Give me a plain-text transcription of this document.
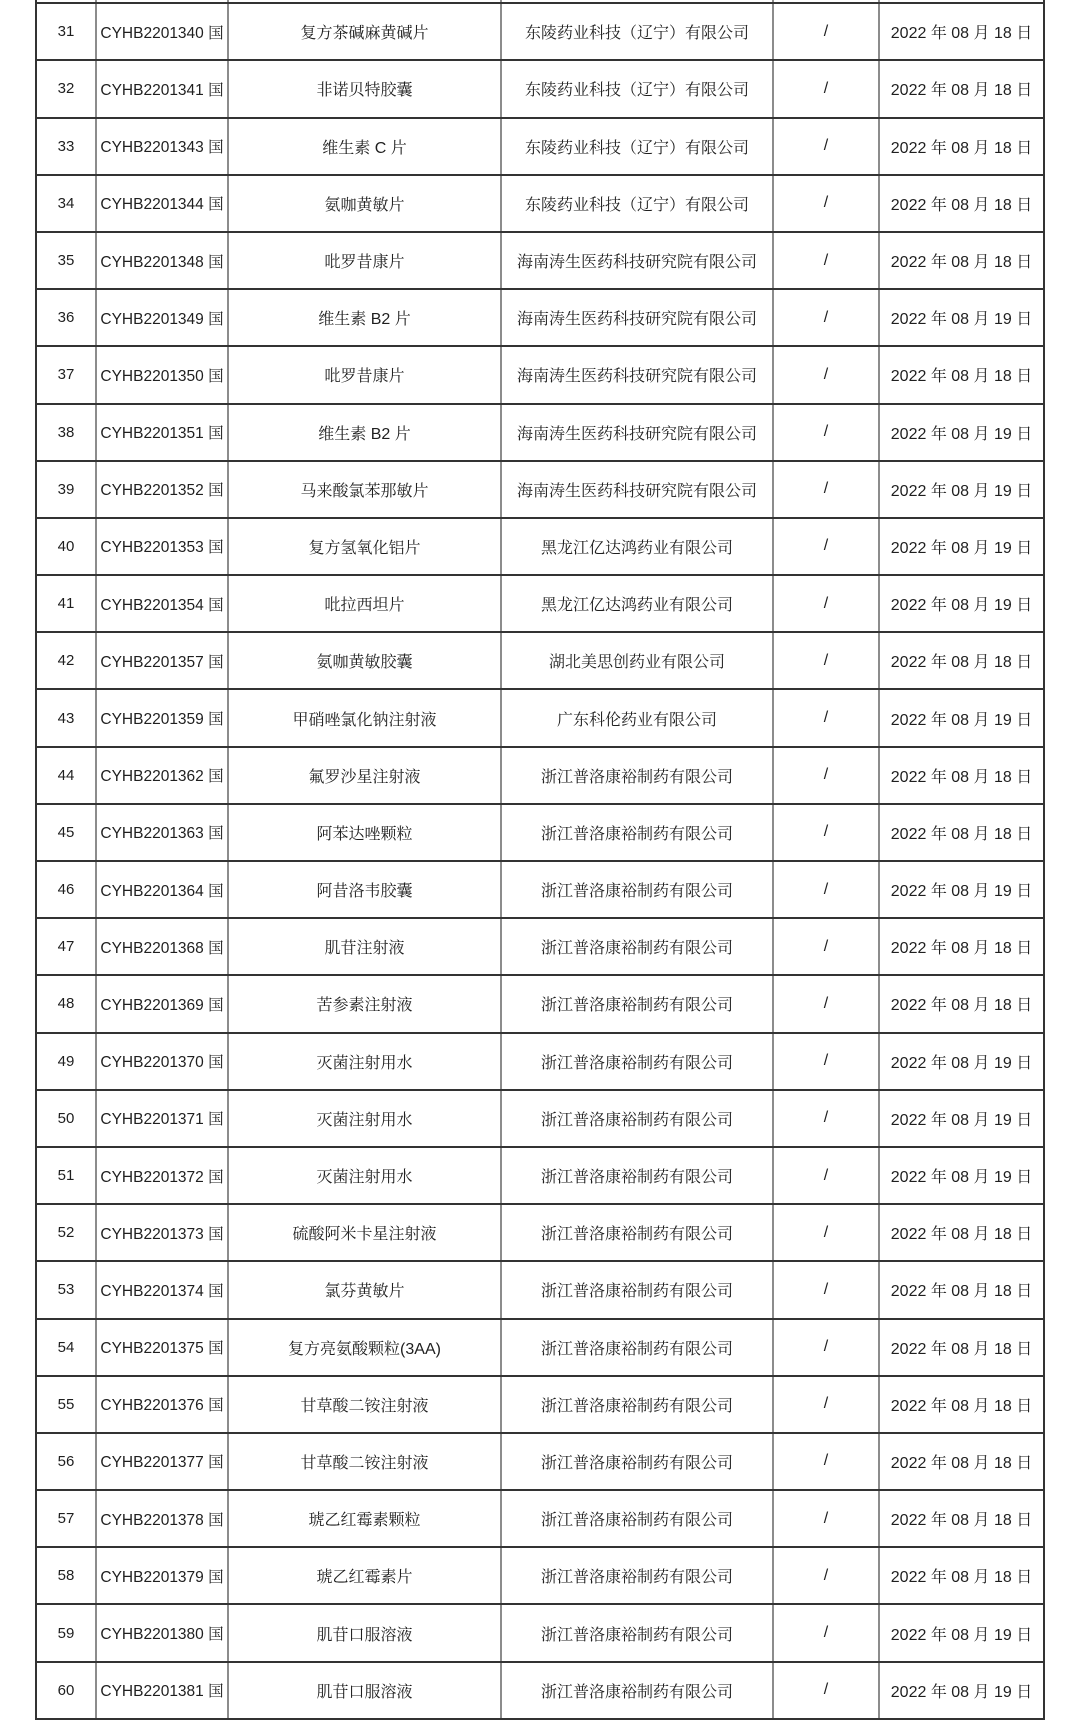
31	CYHB2201340 国	复方茶碱麻黄碱片	东陵药业科技（辽宁）有限公司	/	2022 年 08 月 18 日
32	CYHB2201341 国	非诺贝特胶囊	东陵药业科技（辽宁）有限公司	/	2022 年 08 月 18 日
33	CYHB2201343 国	维生素 C 片	东陵药业科技（辽宁）有限公司	/	2022 年 08 月 18 日
34	CYHB2201344 国	氨咖黄敏片	东陵药业科技（辽宁）有限公司	/	2022 年 08 月 18 日
35	CYHB2201348 国	吡罗昔康片	海南涛生医药科技研究院有限公司	/	2022 年 08 月 18 日
36	CYHB2201349 国	维生素 B2 片	海南涛生医药科技研究院有限公司	/	2022 年 08 月 19 日
37	CYHB2201350 国	吡罗昔康片	海南涛生医药科技研究院有限公司	/	2022 年 08 月 18 日
38	CYHB2201351 国	维生素 B2 片	海南涛生医药科技研究院有限公司	/	2022 年 08 月 19 日
39	CYHB2201352 国	马来酸氯苯那敏片	海南涛生医药科技研究院有限公司	/	2022 年 08 月 19 日
40	CYHB2201353 国	复方氢氧化铝片	黑龙江亿达鸿药业有限公司	/	2022 年 08 月 19 日
41	CYHB2201354 国	吡拉西坦片	黑龙江亿达鸿药业有限公司	/	2022 年 08 月 19 日
42	CYHB2201357 国	氨咖黄敏胶囊	湖北美思创药业有限公司	/	2022 年 08 月 18 日
43	CYHB2201359 国	甲硝唑氯化钠注射液	广东科伦药业有限公司	/	2022 年 08 月 19 日
44	CYHB2201362 国	氟罗沙星注射液	浙江普洛康裕制药有限公司	/	2022 年 08 月 18 日
45	CYHB2201363 国	阿苯达唑颗粒	浙江普洛康裕制药有限公司	/	2022 年 08 月 18 日
46	CYHB2201364 国	阿昔洛韦胶囊	浙江普洛康裕制药有限公司	/	2022 年 08 月 19 日
47	CYHB2201368 国	肌苷注射液	浙江普洛康裕制药有限公司	/	2022 年 08 月 18 日
48	CYHB2201369 国	苦参素注射液	浙江普洛康裕制药有限公司	/	2022 年 08 月 18 日
49	CYHB2201370 国	灭菌注射用水	浙江普洛康裕制药有限公司	/	2022 年 08 月 19 日
50	CYHB2201371 国	灭菌注射用水	浙江普洛康裕制药有限公司	/	2022 年 08 月 19 日
51	CYHB2201372 国	灭菌注射用水	浙江普洛康裕制药有限公司	/	2022 年 08 月 19 日
52	CYHB2201373 国	硫酸阿米卡星注射液	浙江普洛康裕制药有限公司	/	2022 年 08 月 18 日
53	CYHB2201374 国	氯芬黄敏片	浙江普洛康裕制药有限公司	/	2022 年 08 月 18 日
54	CYHB2201375 国	复方亮氨酸颗粒(3AA)	浙江普洛康裕制药有限公司	/	2022 年 08 月 18 日
55	CYHB2201376 国	甘草酸二铵注射液	浙江普洛康裕制药有限公司	/	2022 年 08 月 18 日
56	CYHB2201377 国	甘草酸二铵注射液	浙江普洛康裕制药有限公司	/	2022 年 08 月 18 日
57	CYHB2201378 国	琥乙红霉素颗粒	浙江普洛康裕制药有限公司	/	2022 年 08 月 18 日
58	CYHB2201379 国	琥乙红霉素片	浙江普洛康裕制药有限公司	/	2022 年 08 月 18 日
59	CYHB2201380 国	肌苷口服溶液	浙江普洛康裕制药有限公司	/	2022 年 08 月 19 日
60	CYHB2201381 国	肌苷口服溶液	浙江普洛康裕制药有限公司	/	2022 年 08 月 19 日
